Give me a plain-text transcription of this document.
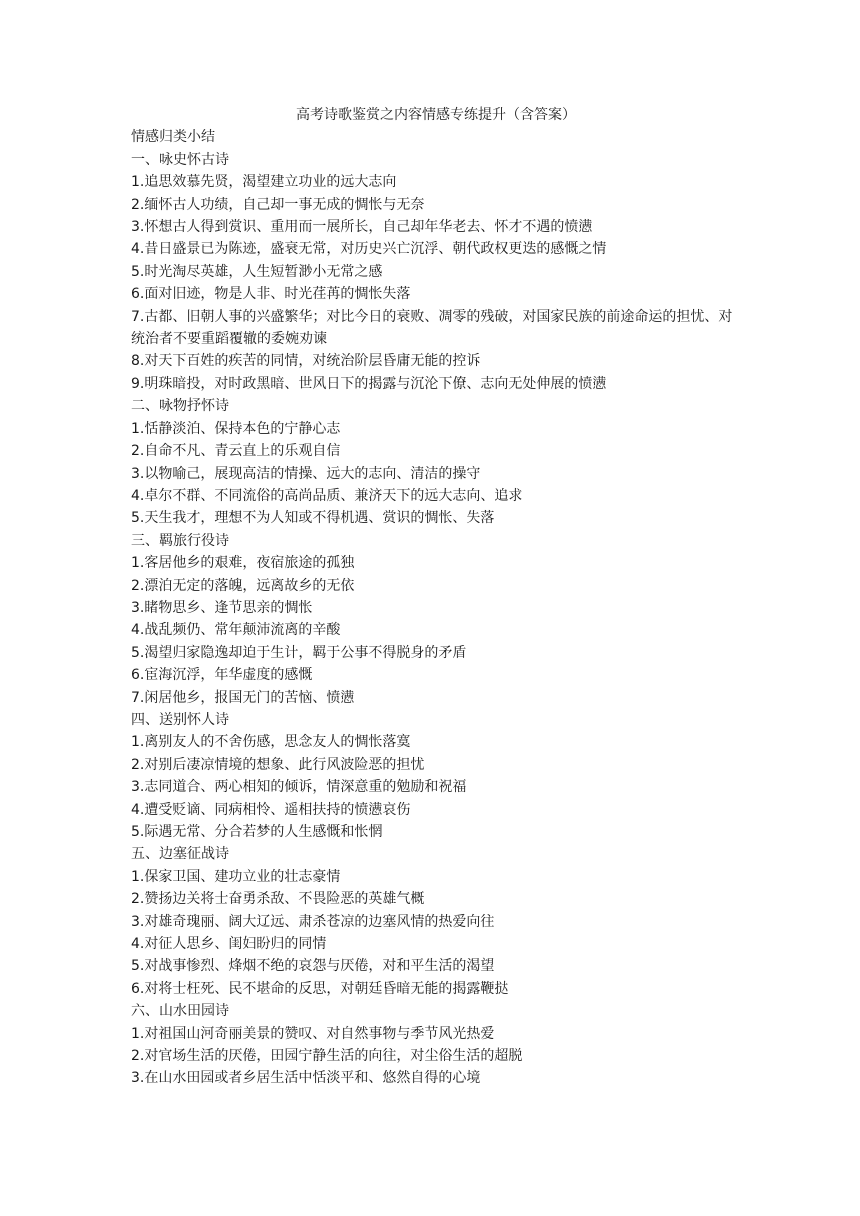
高考诗歌鉴赏之内容情感专练提升（含答案）

情感归类小结

一、咏史怀古诗

1.追思效慕先贤，渴望建立功业的远大志向

2.缅怀古人功绩，自己却一事无成的惆怅与无奈

3.怀想古人得到赏识、重用而一展所长，自己却年华老去、怀才不遇的愤懑

4.昔日盛景已为陈迹，盛衰无常，对历史兴亡沉浮、朝代政权更迭的感慨之情

5.时光淘尽英雄，人生短暂渺小无常之感

6.面对旧迹，物是人非、时光荏苒的惆怅失落

7.古都、旧朝人事的兴盛繁华；对比今日的衰败、凋零的残破，对国家民族的前途命运的担忧、对统治者不要重蹈覆辙的委婉劝谏

8.对天下百姓的疾苦的同情，对统治阶层昏庸无能的控诉

9.明珠暗投，对时政黑暗、世风日下的揭露与沉沦下僚、志向无处伸展的愤懑

二、咏物抒怀诗

1.恬静淡泊、保持本色的宁静心志

2.自命不凡、青云直上的乐观自信

3.以物喻己，展现高洁的情操、远大的志向、清洁的操守

4.卓尔不群、不同流俗的高尚品质、兼济天下的远大志向、追求

5.天生我才，理想不为人知或不得机遇、赏识的惆怅、失落

三、羁旅行役诗

1.客居他乡的艰难，夜宿旅途的孤独

2.漂泊无定的落魄，远离故乡的无依

3.睹物思乡、逢节思亲的惆怅

4.战乱频仍、常年颠沛流离的辛酸

5.渴望归家隐逸却迫于生计，羁于公事不得脱身的矛盾

6.宦海沉浮，年华虚度的感慨

7.闲居他乡，报国无门的苦恼、愤懑

四、送别怀人诗

1.离别友人的不舍伤感，思念友人的惆怅落寞

2.对别后凄凉情境的想象、此行风波险恶的担忧

3.志同道合、两心相知的倾诉，情深意重的勉励和祝福

4.遭受贬谪、同病相怜、遥相扶持的愤懑哀伤

5.际遇无常、分合若梦的人生感慨和怅惘

五、边塞征战诗

1.保家卫国、建功立业的壮志豪情

2.赞扬边关将士奋勇杀敌、不畏险恶的英雄气概

3.对雄奇瑰丽、阔大辽远、肃杀苍凉的边塞风情的热爱向往

4.对征人思乡、闺妇盼归的同情

5.对战事惨烈、烽烟不绝的哀怨与厌倦，对和平生活的渴望

6.对将士枉死、民不堪命的反思，对朝廷昏暗无能的揭露鞭挞

六、山水田园诗

1.对祖国山河奇丽美景的赞叹、对自然事物与季节风光热爱

2.对官场生活的厌倦，田园宁静生活的向往，对尘俗生活的超脱

3.在山水田园或者乡居生活中恬淡平和、悠然自得的心境
